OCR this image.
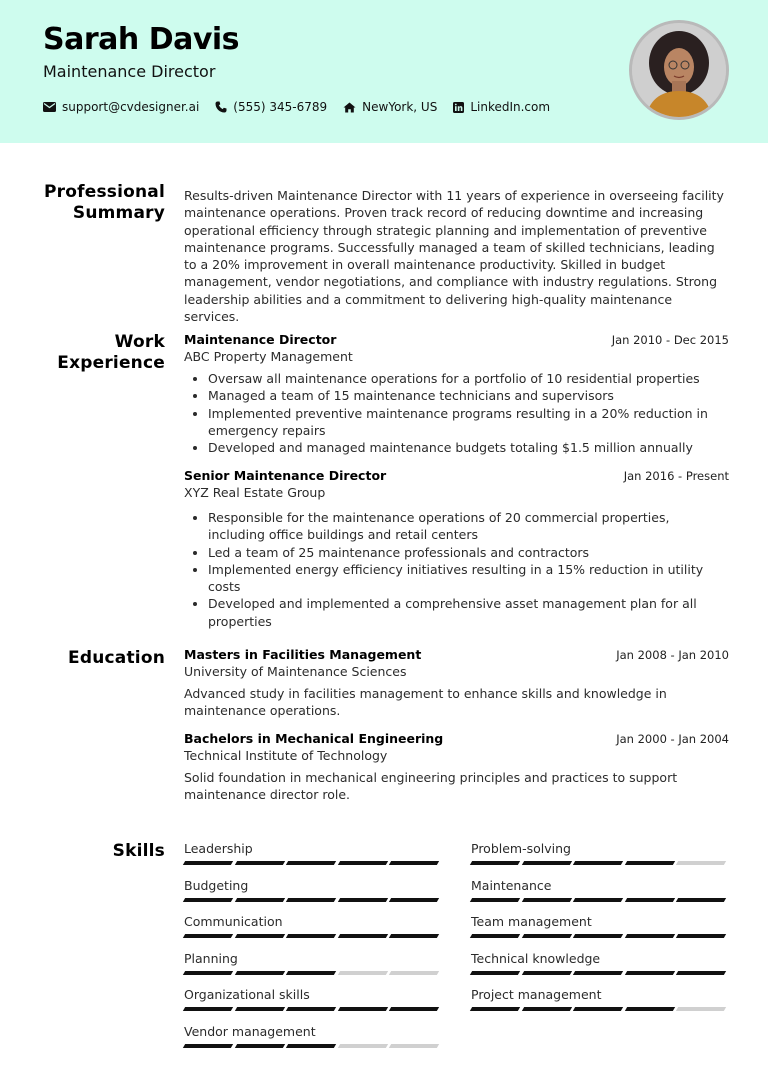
Sarah Davis
Maintenance Director
support@cvdesigner.ai	(555) 345-6789	NewYork, US	LinkedIn.com
Professional
Summary

Results-driven Maintenance Director with 11 years of experience in overseeing facility maintenance operations. Proven track record of reducing downtime and increasing operational efficiency through strategic planning and implementation of preventive maintenance programs. Successfully managed a team of skilled technicians, leading to a 20% improvement in overall maintenance productivity. Skilled in budget management, vendor negotiations, and compliance with industry regulations. Strong leadership abilities and a commitment to delivering high-quality maintenance services.

Work
Experience
Maintenance Director	Jan 2010 - Dec 2015
ABC Property Management
Oversaw all maintenance operations for a portfolio of 10 residential properties
Managed a team of 15 maintenance technicians and supervisors
Implemented preventive maintenance programs resulting in a 20% reduction in emergency repairs
Developed and managed maintenance budgets totaling $1.5 million annually
Senior Maintenance Director	Jan 2016 - Present
XYZ Real Estate Group
Responsible for the maintenance operations of 20 commercial properties, including office buildings and retail centers
Led a team of 25 maintenance professionals and contractors
Implemented energy efficiency initiatives resulting in a 15% reduction in utility costs
Developed and implemented a comprehensive asset management plan for all properties
Education Masters in Facilities Management	Jan 2008 - Jan 2010
University of Maintenance Sciences

Advanced study in facilities management to enhance skills and knowledge in maintenance operations.

Bachelors in Mechanical Engineering	Jan 2000 - Jan 2004
Technical Institute of Technology

Solid foundation in mechanical engineering principles and practices to support maintenance director role.

Skills Leadership	Problem-solving
Budgeting	Maintenance
Communication	Team management
Planning	Technical knowledge
Organizational skills	Project management
Vendor management
